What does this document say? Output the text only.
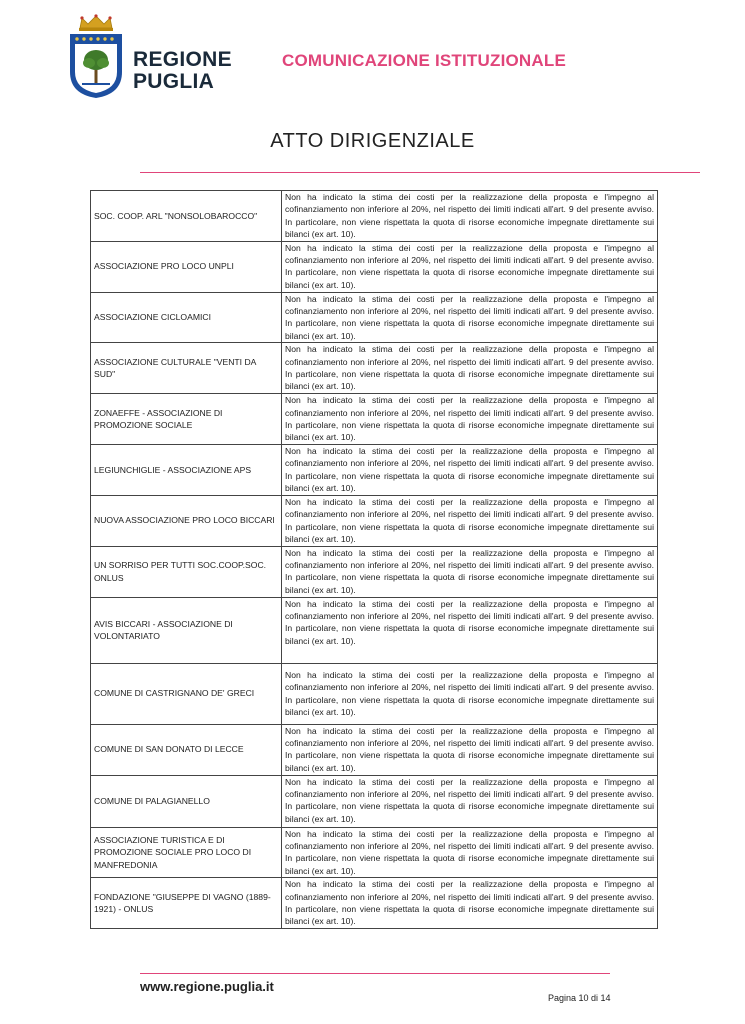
REGIONE
PUGLIA
COMUNICAZIONE ISTITUZIONALE
ATTO DIRIGENZIALE
SOC. COOP. ARL "NONSOLOBAROCCO"	Non ha indicato la stima dei costi per la realizzazione della proposta e l'impegno al cofinanziamento non inferiore al 20%, nel rispetto dei limiti indicati all'art. 9 del presente avviso. In particolare, non viene rispettata la quota di risorse economiche impegnate direttamente sui bilanci (ex art. 10).
ASSOCIAZIONE PRO LOCO UNPLI	Non ha indicato la stima dei costi per la realizzazione della proposta e l'impegno al cofinanziamento non inferiore al 20%, nel rispetto dei limiti indicati all'art. 9 del presente avviso. In particolare, non viene rispettata la quota di risorse economiche impegnate direttamente sui bilanci (ex art. 10).
ASSOCIAZIONE CICLOAMICI	Non ha indicato la stima dei costi per la realizzazione della proposta e l'impegno al cofinanziamento non inferiore al 20%, nel rispetto dei limiti indicati all'art. 9 del presente avviso. In particolare, non viene rispettata la quota di risorse economiche impegnate direttamente sui bilanci (ex art. 10).
ASSOCIAZIONE CULTURALE "VENTI DA SUD"	Non ha indicato la stima dei costi per la realizzazione della proposta e l'impegno al cofinanziamento non inferiore al 20%, nel rispetto dei limiti indicati all'art. 9 del presente avviso. In particolare, non viene rispettata la quota di risorse economiche impegnate direttamente sui bilanci (ex art. 10).
ZONAEFFE - ASSOCIAZIONE DI PROMOZIONE SOCIALE	Non ha indicato la stima dei costi per la realizzazione della proposta e l'impegno al cofinanziamento non inferiore al 20%, nel rispetto dei limiti indicati all'art. 9 del presente avviso. In particolare, non viene rispettata la quota di risorse economiche impegnate direttamente sui bilanci (ex art. 10).
LEGIUNCHIGLIE - ASSOCIAZIONE APS	Non ha indicato la stima dei costi per la realizzazione della proposta e l'impegno al cofinanziamento non inferiore al 20%, nel rispetto dei limiti indicati all'art. 9 del presente avviso. In particolare, non viene rispettata la quota di risorse economiche impegnate direttamente sui bilanci (ex art. 10).
NUOVA ASSOCIAZIONE PRO LOCO BICCARI	Non ha indicato la stima dei costi per la realizzazione della proposta e l'impegno al cofinanziamento non inferiore al 20%, nel rispetto dei limiti indicati all'art. 9 del presente avviso. In particolare, non viene rispettata la quota di risorse economiche impegnate direttamente sui bilanci (ex art. 10).
UN SORRISO PER TUTTI SOC.COOP.SOC. ONLUS	Non ha indicato la stima dei costi per la realizzazione della proposta e l'impegno al cofinanziamento non inferiore al 20%, nel rispetto dei limiti indicati all'art. 9 del presente avviso. In particolare, non viene rispettata la quota di risorse economiche impegnate direttamente sui bilanci (ex art. 10).
AVIS BICCARI - ASSOCIAZIONE DI VOLONTARIATO	Non ha indicato la stima dei costi per la realizzazione della proposta e l'impegno al cofinanziamento non inferiore al 20%, nel rispetto dei limiti indicati all'art. 9 del presente avviso. In particolare, non viene rispettata la quota di risorse economiche impegnate direttamente sui bilanci (ex art. 10).
COMUNE DI CASTRIGNANO DE' GRECI	Non ha indicato la stima dei costi per la realizzazione della proposta e l'impegno al cofinanziamento non inferiore al 20%, nel rispetto dei limiti indicati all'art. 9 del presente avviso. In particolare, non viene rispettata la quota di risorse economiche impegnate direttamente sui bilanci (ex art. 10).
COMUNE DI SAN DONATO DI LECCE	Non ha indicato la stima dei costi per la realizzazione della proposta e l'impegno al cofinanziamento non inferiore al 20%, nel rispetto dei limiti indicati all'art. 9 del presente avviso. In particolare, non viene rispettata la quota di risorse economiche impegnate direttamente sui bilanci (ex art. 10).
COMUNE DI PALAGIANELLO	Non ha indicato la stima dei costi per la realizzazione della proposta e l'impegno al cofinanziamento non inferiore al 20%, nel rispetto dei limiti indicati all'art. 9 del presente avviso. In particolare, non viene rispettata la quota di risorse economiche impegnate direttamente sui bilanci (ex art. 10).
ASSOCIAZIONE TURISTICA E DI PROMOZIONE SOCIALE PRO LOCO DI MANFREDONIA	Non ha indicato la stima dei costi per la realizzazione della proposta e l'impegno al cofinanziamento non inferiore al 20%, nel rispetto dei limiti indicati all'art. 9 del presente avviso. In particolare, non viene rispettata la quota di risorse economiche impegnate direttamente sui bilanci (ex art. 10).
FONDAZIONE "GIUSEPPE DI VAGNO (1889-1921) - ONLUS	Non ha indicato la stima dei costi per la realizzazione della proposta e l'impegno al cofinanziamento non inferiore al 20%, nel rispetto dei limiti indicati all'art. 9 del presente avviso. In particolare, non viene rispettata la quota di risorse economiche impegnate direttamente sui bilanci (ex art. 10).
www.regione.puglia.it
Pagina 10 di 14
